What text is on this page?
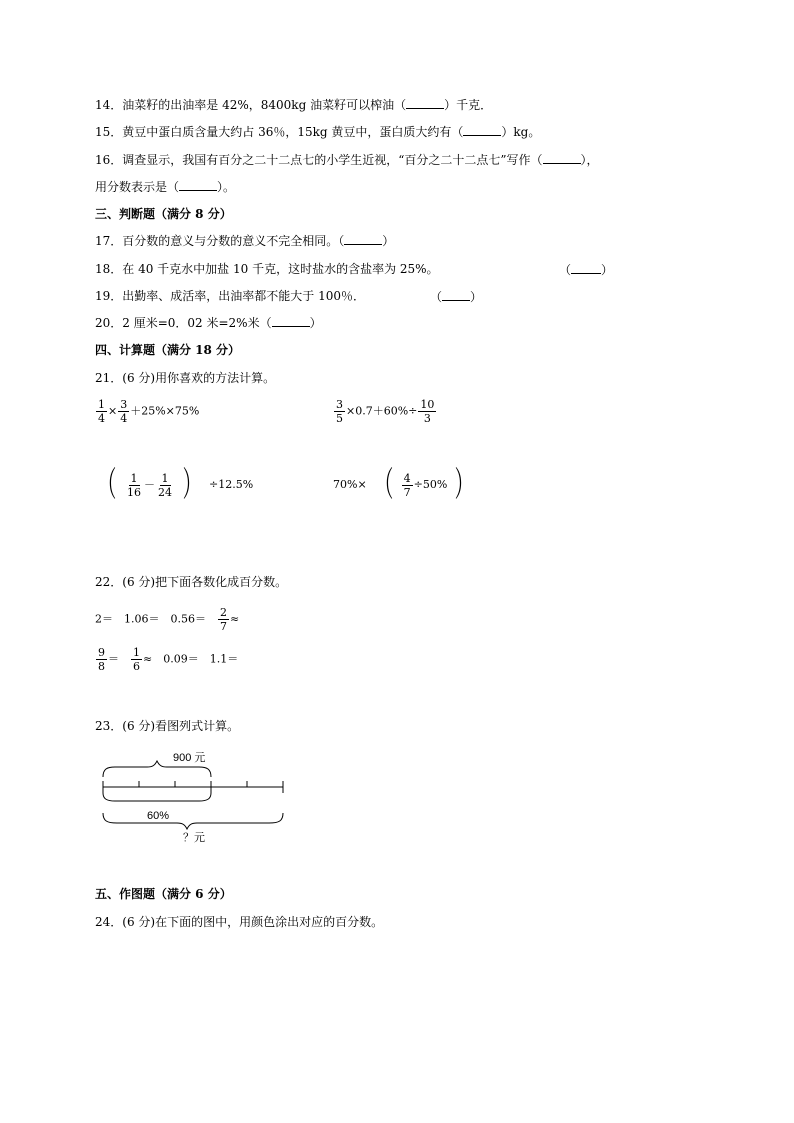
14．油菜籽的出油率是 42%，8400kg 油菜籽可以榨油（	）千克．
15．黄豆中蛋白质含量大约占 36％，15kg 黄豆中，蛋白质大约有（	）kg。
16．调查显示，我国有百分之二十二点七的小学生近视，“百分之二十二点七”写作（	），
用分数表示是（	）。
三、判断题（满分 8 分）
17．百分数的意义与分数的意义不完全相同。（	）
18．在 40 千克水中加盐 10 千克，这时盐水的含盐率为 25%。	（	）
19．出勤率、成活率，出油率都不能大于 100％．	（ ）
20．2 厘米=0．02 米=2%米（	）
四、计算题（满分 18 分）
21．(6 分)用你喜欢的方法计算。
$\frac{1}{4} \times \frac{3}{4} +25\%\times 75\%$	$\frac{3}{5} \times 0.7+60\%\div \frac{10}{3}$
（ $\frac{1}{16} - \frac{1}{24}$ ） ÷12.5%	70%× （ $\frac{4}{7} \div 50\%$ ）
22．(6 分)把下面各数化成百分数。
2＝　1.06＝　0.56＝　 $\frac{2}{7}$ ≈
$\frac{9}{8}$ ＝　 $\frac{1}{6}$ ≈　0.09＝　1.1＝
23．(6 分)看图列式计算。
900 元
60%
？元
五、作图题（满分 6 分）
24．(6 分)在下面的图中，用颜色涂出对应的百分数。
